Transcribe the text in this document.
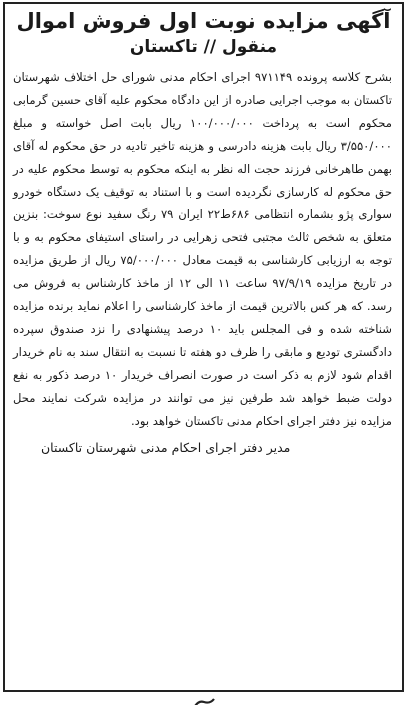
آگهی مزایده نوبت اول فروش اموال
منقول // تاکستان

بشرح کلاسه پرونده ۹۷۱۱۴۹ اجرای احکام مدنی شورای حل اختلاف شهرستان تاکستان به موجب اجرایی صادره از این دادگاه محکوم علیه آقای حسین گرمابی محکوم است به پرداخت ۱۰۰/۰۰۰/۰۰۰ ریال بابت اصل خواسته و مبلغ ۳/۵۵۰/۰۰۰ ریال بابت هزینه دادرسی و هزینه تاخیر تادیه در حق محکوم له آقای بهمن طاهرخانی فرزند حجت اله نظر به اینکه محکوم به توسط محکوم علیه در حق محکوم له کارسازی نگردیده است و با استناد به توقیف یک دستگاه خودرو سواری پژو بشماره انتظامی ۶۸۶ط۲۲ ایران ۷۹ رنگ سفید نوع سوخت: بنزین متعلق به شخص ثالث مجتبی فتحی زهرایی در راستای استیفای محکوم به و با توجه به ارزیابی کارشناسی به قیمت معادل ۷۵/۰۰۰/۰۰۰ ریال از طریق مزایده در تاریخ مزایده ۹۷/۹/۱۹ ساعت ۱۱ الی ۱۲ از ماخذ کارشناس به فروش می رسد. که هر کس بالاترین قیمت از ماخذ کارشناسی را اعلام نماید برنده مزایده شناخته شده و فی المجلس باید ۱۰ درصد پیشنهادی را نزد صندوق سپرده دادگستری تودیع و مابقی را ظرف دو هفته تا نسبت به انتقال سند به نام خریدار اقدام شود لازم به ذکر است در صورت انصراف خریدار ۱۰ درصد ذکور به نفع دولت ضبط خواهد شد طرفین نیز می توانند در مزایده شرکت نمایند محل مزایده نیز دفتر اجرای احکام مدنی تاکستان خواهد بود.

مدیر دفتر اجرای احکام مدنی شهرستان تاکستان
